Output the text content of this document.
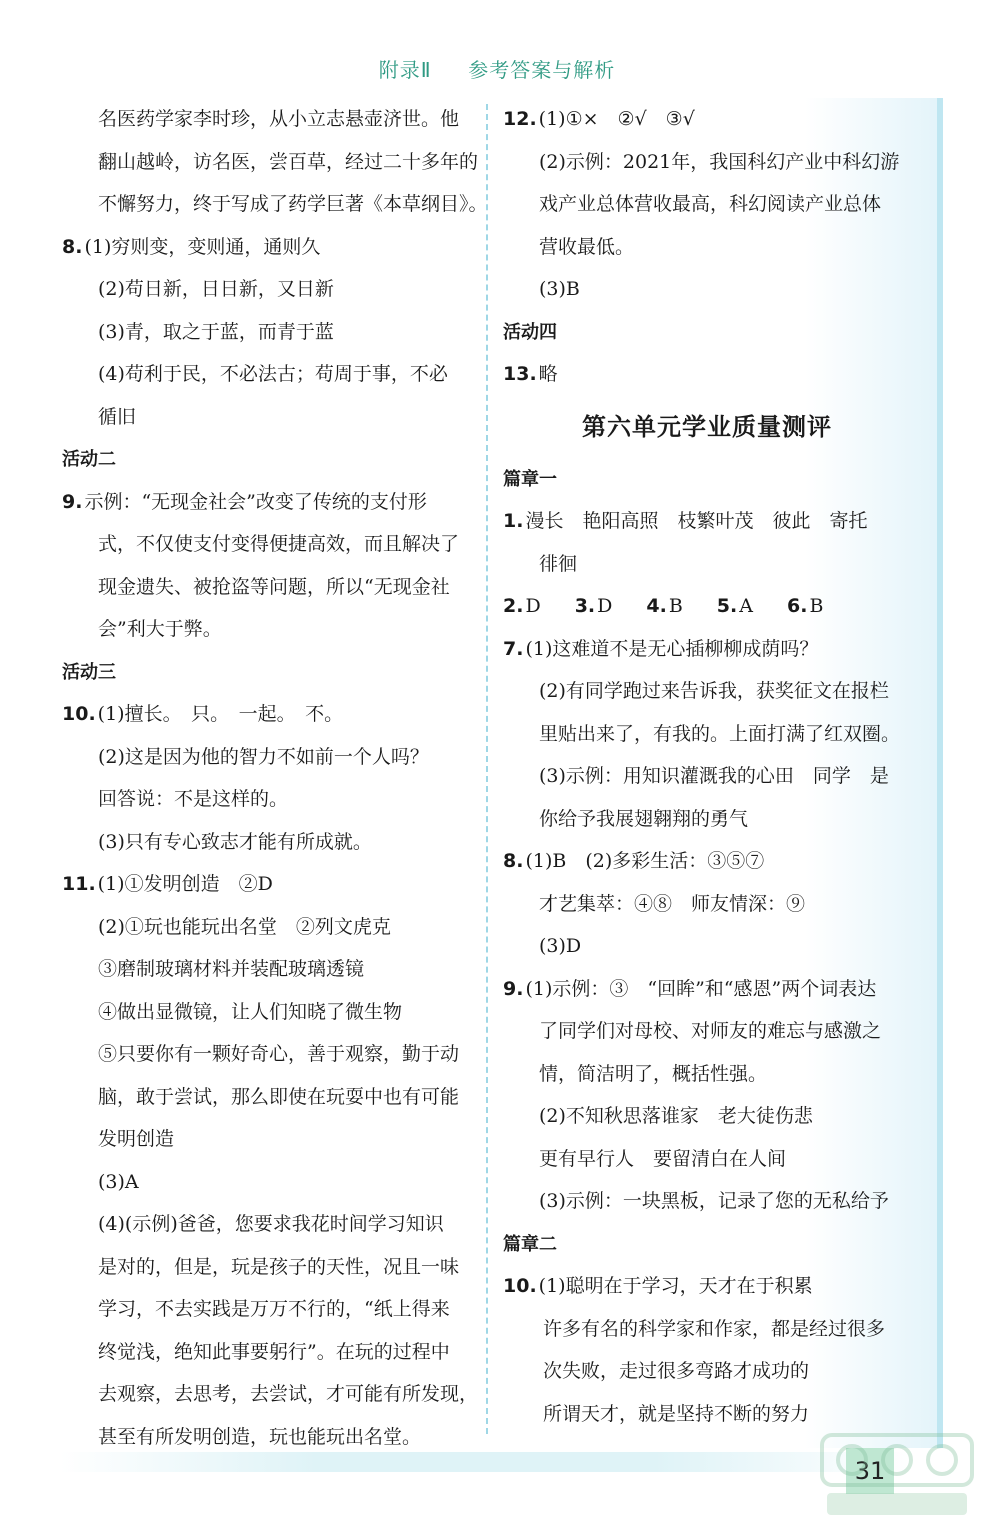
附录Ⅱ 参考答案与解析
名医药学家李时珍，从小立志悬壶济世。他
翻山越岭，访名医，尝百草，经过二十多年的
不懈努力，终于写成了药学巨著《本草纲目》。
8. (1)穷则变，变则通，通则久
(2)苟日新，日日新，又日新
(3)青，取之于蓝，而青于蓝
(4)苟利于民，不必法古；苟周于事，不必
循旧
活动二
9. 示例：“无现金社会”改变了传统的支付形
式，不仅使支付变得便捷高效，而且解决了
现金遗失、被抢盗等问题，所以“无现金社
会”利大于弊。
活动三
10. (1)擅长。　只。　一起。　不。
(2)这是因为他的智力不如前一个人吗？
回答说：不是这样的。
(3)只有专心致志才能有所成就。
11. (1)①发明创造　②D
(2)①玩也能玩出名堂　②列文虎克
③磨制玻璃材料并装配玻璃透镜
④做出显微镜，让人们知晓了微生物
⑤只要你有一颗好奇心，善于观察，勤于动
脑，敢于尝试，那么即使在玩耍中也有可能
发明创造
(3)A
(4)(示例)爸爸，您要求我花时间学习知识
是对的，但是，玩是孩子的天性，况且一味
学习，不去实践是万万不行的，“纸上得来
终觉浅，绝知此事要躬行”。在玩的过程中
去观察，去思考，去尝试，才可能有所发现，
甚至有所发明创造，玩也能玩出名堂。
12. (1)①×　②√　③√
(2)示例：2021年，我国科幻产业中科幻游
戏产业总体营收最高，科幻阅读产业总体
营收最低。
(3)B
活动四
13. 略
第六单元学业质量测评
篇章一
1. 漫长　艳阳高照　枝繁叶茂　彼此　寄托
徘徊
2. D 3. D 4. B 5. A 6. B
7. (1)这难道不是无心插柳柳成荫吗？
(2)有同学跑过来告诉我，获奖征文在报栏
里贴出来了，有我的。上面打满了红双圈。
(3)示例：用知识灌溉我的心田　同学　是
你给予我展翅翱翔的勇气
8. (1)B　(2)多彩生活：③⑤⑦
才艺集萃：④⑧　师友情深：⑨
(3)D
9. (1)示例：③　“回眸”和“感恩”两个词表达
了同学们对母校、对师友的难忘与感激之
情，简洁明了，概括性强。
(2)不知秋思落谁家　老大徒伤悲
更有早行人　要留清白在人间
(3)示例：一块黑板，记录了您的无私给予
篇章二
10. (1)聪明在于学习，天才在于积累
许多有名的科学家和作家，都是经过很多
次失败，走过很多弯路才成功的
所谓天才，就是坚持不断的努力
31
